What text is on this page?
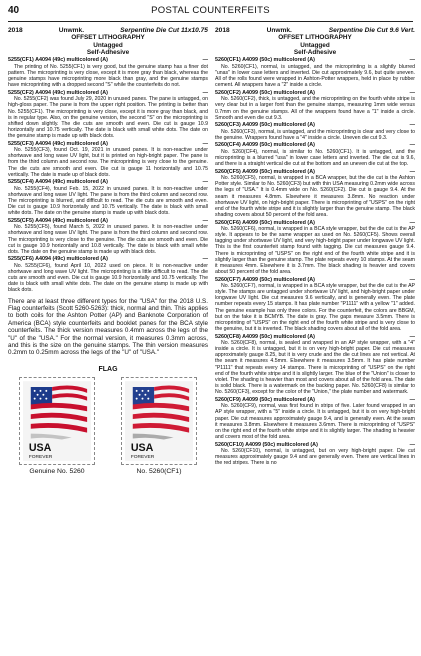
40	POSTAL COUNTERFEITS
2018	Unwmk.	Serpentine Die Cut 11x10.75
OFFSET LITHOGRAPHY
Untagged
Self-Adhesive
5255(CF1) A4094 (49c) multicolored (A)	—
The printing of No. 5255(CF1) is very good, but the genuine stamp has a finer dot pattern. The microprinting is very close, except it is more gray than black, whereas the genuine stamps have microprinting more black than gray, and the genuine stamps have microprinting with a dropped second "S" while the counterfeits do not.
5255(CF2) A4094 (49c) multicolored (A)	—
No. 5255(CF2) was found July 29, 2020 in unused panes. The pane is untagged, on high-gloss paper. The pane is from the upper right position. The printing is better than No. 5255(CF1). The microprinting is very close, except it is more gray than black, and is in regular type. Also, on the genuine version, the second "S" on the microprinting is shifted down slightly. The die cuts are smooth and even. Die cut is gauge 10.9 horizontally and 10.75 vertically. The date is black with small white dots. The date on the genuine stamp is made up with black dots.
5255(CF3) A4094 (49c) multicolored (A)	—
No. 5255(CF3), found Oct. 19, 2021 in unused panes. It is non-reactive under shortwave and long wave UV light, but it is printed on high-bright paper. The pane is from the third column and second row. The microprinting is very close to the genuine. The die cuts are smooth and even. Die cut is gauge 11 horizontally and 10.75 vertically. The date is made up of black dots.
5255(CF4) A4094 (49c) multicolored (A)	—
No. 5255(CF4), found Feb. 15, 2022 in unused panes. It is non-reactive under shortwave and long wave UV light. The pane is from the third column and second row. The microprinting is blurred, and difficult to read. The die cuts are smooth and even. Die cut is gauge 10.9 horizontally and 10.75 vertically. The date is black with small white dots. The date on the genuine stamp is made up with black dots.
5255(CF5) A4094 (49c) multicolored (A)	—
No. 5255(CF5), found March 5, 2022 in unused panes. It is non-reactive under shortwave and long wave UV light. The pane is from the third column and second row. The microprinting is very close to the genuine. The die cuts are smooth and even. Die cut is gauge 10.9 horizontally and 10.8 vertically. The date is black with small white dots. The date on the genuine stamp is made up with black dots.
5255(CF6) A4094 (49c) multicolored (A)	—
No. 5255(CF6), found April 10, 2022 used on piece. It is non-reactive under shortwave and long wave UV light. The microprinting is a little difficult to read. The die cuts are smooth and even. Die cut is gauge 10.9 horizontally and 10.75 vertically. The date is black with small white dots. The date on the genuine stamp is made up with black dots.
There are at least three different types for the "USA" for the 2018 U.S. Flag counterfeits (Scott 5260-5263): thick, normal and thin. This applies to both coils for the Ashton Potter (AP) and Banknote Corporation of America (BCA) style counterfeits and booklet panes for the BCA style counterfeits. The thick version measures 0.4mm across the legs of the "U" of the "USA." For the normal version, it measures 0.3mm across, and this is the size on the genuine stamps. The thin version measures 0.2mm to 0.25mm across the legs of the "U" of "USA."
FLAG
USA
FOREVER
Genuine No. 5260
USA
FOREVER
No. 5260(CF1)
2018	Unwmk.	Serpentine Die Cut 9.6 Vert.
OFFSET LITHOGRAPHY
Untagged
Self-Adhesive
5260(CF1) A4099 (50c) multicolored (A)	—
No. 5260(CF1), normal, is untagged, and the microprinting is a slightly blurred "unas" in lower case letters and inverted. Die cut approximately 9.6, but quite uneven. All of the rolls found were wrapped in Ashton-Potter wrappers, held in place by rubber cement. All wrappers have a "2" inside a circle.
5260(CF2) A4099 (50c) multicolored (A)	—
No. 5260(CF2), thick, is untagged, and the microprinting on the fourth white stripe is very clear but in a larger font than the genuine stamps, measuring 1mm wide versus 0.7mm on the genuine stamps. All of the wrappers found have a "1" inside a circle. Smooth and even die cut 9.3.
5260(CF3) A4099 (50c) multicolored (A)	—
No. 5260(CF3), normal, is untagged, and the microprinting is clear and very close to the genuine. Wrappers found have a "4" inside a circle. Uneven die cut 9.3.
5260(CF4) A4099 (50c) multicolored (A)	—
No. 5260(CF4), normal, is similar to No. 5260(CF1). It is untagged, and the microprinting is a blurred "usa" in lower case letters and inverted. The die cut is 9.6, and there is a straight vertical die cut at the bottom and an uneven die cut at the top.
5260(CF5) A4099 (50c) multicolored (A)	—
No. 5260(CF5), normal, is wrapped in a BCA wrapper, but the die cut is the Ashton Potter style. Similar to No. 5260(CF3) but with thin USA measuring 0.2mm wide across the legs of "USA." It is 0.4mm wide on No. 5260(CF2). Die cut is gauge 9.4. At the seam it measures 4.8mm. Elsewhere it measures 3.8mm. No reaction under shortwave UV light, on high-bright paper. There is microprinting of "USPS" on the right end of the fourth white stripe and it is slightly larger than the genuine stamp. The black shading covers about 50 percent of the fold area.
5260(CF6) A4099 (50c) multicolored (A)	—
No. 5260(CF6), normal, is wrapped in a BCA style wrapper, but the die cut is the AP style. It appears to be the same wrapper as used on No. 5260(CF5). Shows overall tagging under shortwave UV light, and very high-bright paper under longwave UV light. This is the first counterfeit stamp found with tagging. Die cut measures gauge 9.4. There is microprinting of "USPS" on the right end of the fourth white stripe and it is slightly larger than the genuine stamp. The plate repeats every 10 stamps. At the seam it measures 4mm. Elsewhere it is 3.7mm. The black shading is heavier and covers about 50 percent of the fold area.
5260(CF7) A4099 (50c) multicolored (A)	—
No. 5260(CF7), normal, is wrapped in a BCA style wrapper, but the die cut is the AP style. The stamps are untagged under shortwave UV light, and high-bright paper under longwave UV light. Die cut measures 9.6 vertically, and is generally even. The plate number repeats every 15 stamps. It has plate number "P1111" with a yellow "1" added. The genuine example has only three colors. For the counterfeit, the colors are BBGM, but on the fake it is BCMYB. The date is gray. The gaps measure 3.5mm. There is microprinting of "USPS" on the right end of the fourth white stripe and is very close to the genuine, but it is inverted. The black shading covers about all of the fold area.
5260(CF8) A4099 (50c) multicolored (A)	—
No. 5260(CF8), normal, is sealed and wrapped in an AP style wrapper, with a "4" inside a circle. It is untagged, but it is on very high-bright paper. Die cut measures approximately gauge 8.25, but it is very crude and the die cut lines are not vertical. At the seam it measures 4.5mm. Elsewhere it measures 3.5mm. It has plate number "P1111" that repeats every 14 stamps. There is microprinting of "USPS" on the right end of the fourth white stripe and it is slightly larger. The blue of the "Union" is closer to violet. The shading is heavier than most and covers about all of the fold area. The date is solid black. There is a watermark on the backing paper. No. 5260(CF8) is similar to No. 5260(CF3), except for the color of the "Union," the plate number and watermark.
5260(CF9) A4099 (50c) multicolored (A)	—
No. 5260(CF9), normal, was first found in strips of five. Later found wrapped in an AP style wrapper, with a "5" inside a circle. It is untagged, but it is on very high-bright paper. Die cut measures approximately gauge 9.4, and is generally even. At the seam it measures 3.8mm. Elsewhere it measures 3.6mm. There is microprinting of "USPS" on the right end of the fourth white stripe and it is slightly larger. The shading is heavier and covers most of the fold area.
5260(CF10) A4099 (50c) multicolored (A)	—
No. 5260(CF10), normal, is untagged, but on very high-bright paper. Die cut measures approximately gauge 9.4 and are generally even. There are vertical lines in the red stripes. There is no
